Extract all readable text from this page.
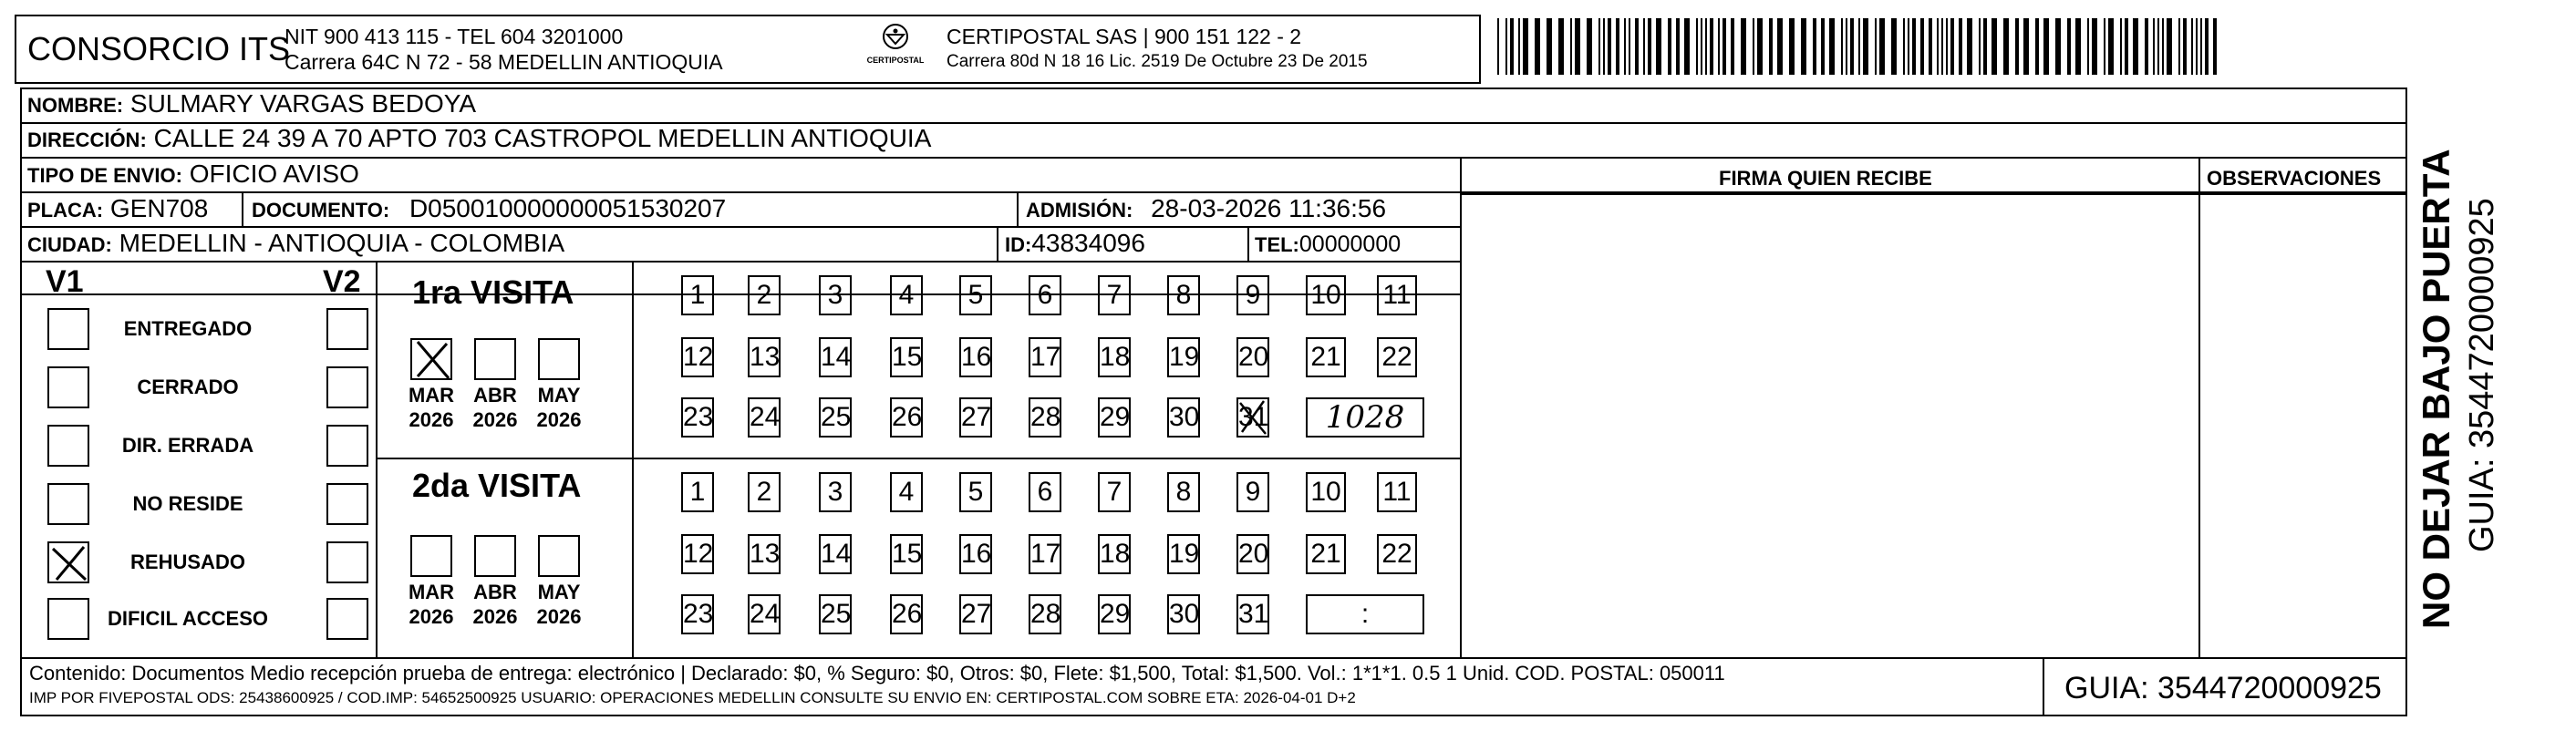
CONSORCIO ITS
NIT 900 413 115 - TEL 604 3201000
Carrera 64C N 72 - 58 MEDELLIN ANTIOQUIA	CERTIPOSTAL
CERTIPOSTAL SAS | 900 151 122 - 2
Carrera 80d N 18 16 Lic. 2519 De Octubre 23 De 2015
NOMBRE: SULMARY VARGAS BEDOYA
DIRECCIÓN: CALLE 24 39 A 70 APTO 703 CASTROPOL MEDELLIN ANTIOQUIA
TIPO DE ENVIO: OFICIO AVISO
PLACA: GEN708 DOCUMENTO: D050010000000051530207	ADMISIÓN: 28-03-2026 11:36:56
CIUDAD: MEDELLIN - ANTIOQUIA - COLOMBIA	ID:43834096	TEL:00000000
FIRMA QUIEN RECIBE	OBSERVACIONES
V1	V2
ENTREGADO
CERRADO
DIR. ERRADA
NO RESIDE
REHUSADO
DIFICIL ACCESO
1ra VISITA
2da VISITA
MAR
2026
ABR
2026
MAY
2026
1	2	3	4	5	6	7	8	9	10 11
12 13 14 15 16 17 18 19 20 21 22
23 24 25 26 27 28 29 30 31	1028
MAR
2026
ABR
2026
MAY
2026
1	2	3	4	5	6	7	8	9	10 11
12 13 14 15 16 17 18 19 20 21 22
23 24 25 26 27 28 29 30 31	:
Contenido: Documentos Medio recepción prueba de entrega: electrónico | Declarado: $0, % Seguro: $0, Otros: $0, Flete: $1,500, Total: $1,500. Vol.: 1*1*1. 0.5 1 Unid. COD. POSTAL: 050011
IMP POR FIVEPOSTAL ODS: 25438600925 / COD.IMP: 54652500925 USUARIO: OPERACIONES MEDELLIN CONSULTE SU ENVIO EN: CERTIPOSTAL.COM SOBRE ETA: 2026-04-01 D+2	GUIA: 3544720000925
NO DEJAR BAJO PUERTA GUIA: 3544720000925
